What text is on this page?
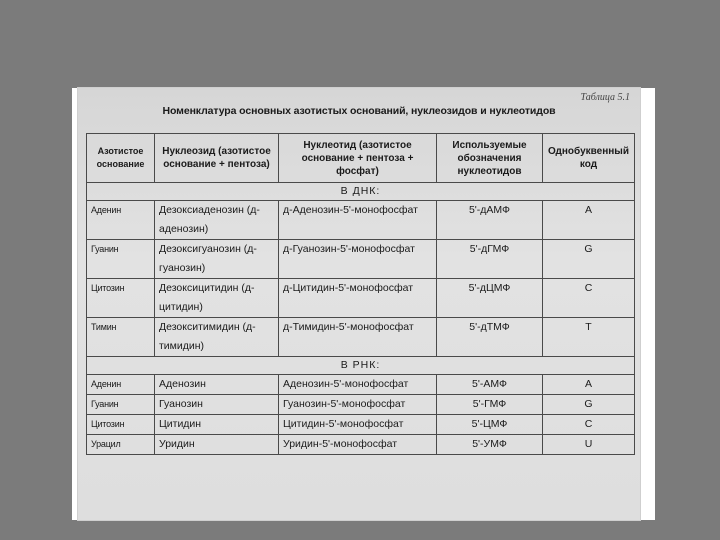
Таблица 5.1
Номенклатура основных азотистых оснований, нуклеозидов и нуклеотидов
Азотистое основание	Нуклеозид (азотистое основание + пентоза)	Нуклеотид (азотистое основание + пентоза + фосфат)	Используемые обозначения нуклеотидов	Однобуквенный код
В ДНК:				
Аденин	Дезоксиаденозин (д-аденозин)	д-Аденозин-5'-монофосфат	5'-дАМФ	A
Гуанин	Дезоксигуанозин (д-гуанозин)	д-Гуанозин-5'-монофосфат	5'-дГМФ	G
Цитозин	Дезоксицитидин (д-цитидин)	д-Цитидин-5'-монофосфат	5'-дЦМФ	C
Тимин	Дезокситимидин (д-тимидин)	д-Тимидин-5'-монофосфат	5'-дТМФ	T
В РНК:				
Аденин	Аденозин	Аденозин-5'-монофосфат	5'-АМФ	A
Гуанин	Гуанозин	Гуанозин-5'-монофосфат	5'-ГМФ	G
Цитозин	Цитидин	Цитидин-5'-монофосфат	5'-ЦМФ	C
Урацил	Уридин	Уридин-5'-монофосфат	5'-УМФ	U
